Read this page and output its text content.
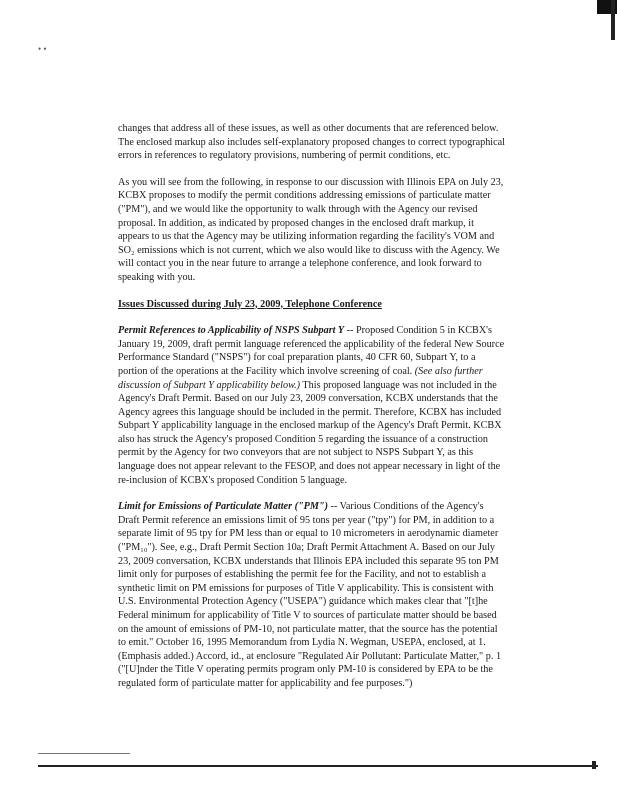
• •

changes that address all of these issues, as well as other documents that are referenced below. The enclosed markup also includes self-explanatory proposed changes to correct typographical errors in references to regulatory provisions, numbering of permit conditions, etc.

As you will see from the following, in response to our discussion with Illinois EPA on July 23, KCBX proposes to modify the permit conditions addressing emissions of particulate matter ("PM"), and we would like the opportunity to walk through with the Agency our revised proposal. In addition, as indicated by proposed changes in the enclosed draft markup, it appears to us that the Agency may be utilizing information regarding the facility's VOM and SO₂ emissions which is not current, which we also would like to discuss with the Agency. We will contact you in the near future to arrange a telephone conference, and look forward to speaking with you.

Issues Discussed during July 23, 2009, Telephone Conference

Permit References to Applicability of NSPS Subpart Y -- Proposed Condition 5 in KCBX's January 19, 2009, draft permit language referenced the applicability of the federal New Source Performance Standard ("NSPS") for coal preparation plants, 40 CFR 60, Subpart Y, to a portion of the operations at the Facility which involve screening of coal. (See also further discussion of Subpart Y applicability below.) This proposed language was not included in the Agency's Draft Permit. Based on our July 23, 2009 conversation, KCBX understands that the Agency agrees this language should be included in the permit. Therefore, KCBX has included Subpart Y applicability language in the enclosed markup of the Agency's Draft Permit. KCBX also has struck the Agency's proposed Condition 5 regarding the issuance of a construction permit by the Agency for two conveyors that are not subject to NSPS Subpart Y, as this language does not appear relevant to the FESOP, and does not appear necessary in light of the re-inclusion of KCBX's proposed Condition 5 language.

Limit for Emissions of Particulate Matter ("PM") -- Various Conditions of the Agency's Draft Permit reference an emissions limit of 95 tons per year ("tpy") for PM, in addition to a separate limit of 95 tpy for PM less than or equal to 10 micrometers in aerodynamic diameter ("PM₁₀"). See, e.g., Draft Permit Section 10a; Draft Permit Attachment A. Based on our July 23, 2009 conversation, KCBX understands that Illinois EPA included this separate 95 ton PM limit only for purposes of establishing the permit fee for the Facility, and not to establish a synthetic limit on PM emissions for purposes of Title V applicability. This is consistent with U.S. Environmental Protection Agency ("USEPA") guidance which makes clear that "[t]he Federal minimum for applicability of Title V to sources of particulate matter should be based on the amount of emissions of PM-10, not particulate matter, that the source has the potential to emit." October 16, 1995 Memorandum from Lydia N. Wegman, USEPA, enclosed, at 1. (Emphasis added.) Accord, id., at enclosure "Regulated Air Pollutant: Particulate Matter," p. 1 ("[U]nder the Title V operating permits program only PM-10 is considered by EPA to be the regulated form of particulate matter for applicability and fee purposes.")
